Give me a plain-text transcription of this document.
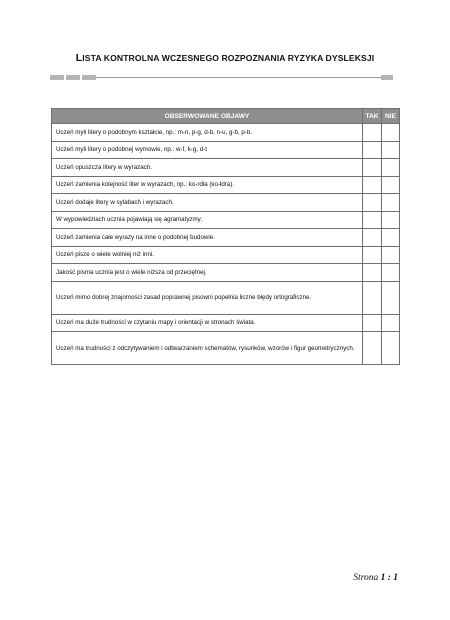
LISTA KONTROLNA WCZESNEGO ROZPOZNANIA RYZYKA DYSLEKSJI
OBSERWOWANE OBJAWY	TAK	NIE
Uczeń myli litery o podobnym kształcie, np.: m-n, p-g, d-b, n-u, g-b, p-b.		
Uczeń myli litery o podobnej wymowie, np.: w-f, k-g, d-t		
Uczeń opuszcza litery w wyrazach.		
Uczeń zamienia kolejność liter w wyrazach, np.: ko-rdła (ko-łdra).		
Uczeń dodaje litery w sylabach i wyrazach.		
W wypowiedziach ucznia pojawiają się agramatyzmy.		
Uczeń zamienia całe wyrazy na inne o podobnej budowie.		
Uczeń pisze o wiele wolniej niż inni.		
Jakość pisma ucznia jest o wiele niższa od przeciętnej.		
Uczeń mimo dobrej znajomości zasad poprawnej pisowni popełnia liczne błędy ortograficzne.		
Uczeń ma duże trudności w czytaniu mapy i orientacji w stronach świata.		
Uczeń ma trudności z odczytywaniem i odtwarzaniem schematów, rysunków, wzorów i figur geometrycznych.		
Strona 1 : 1
